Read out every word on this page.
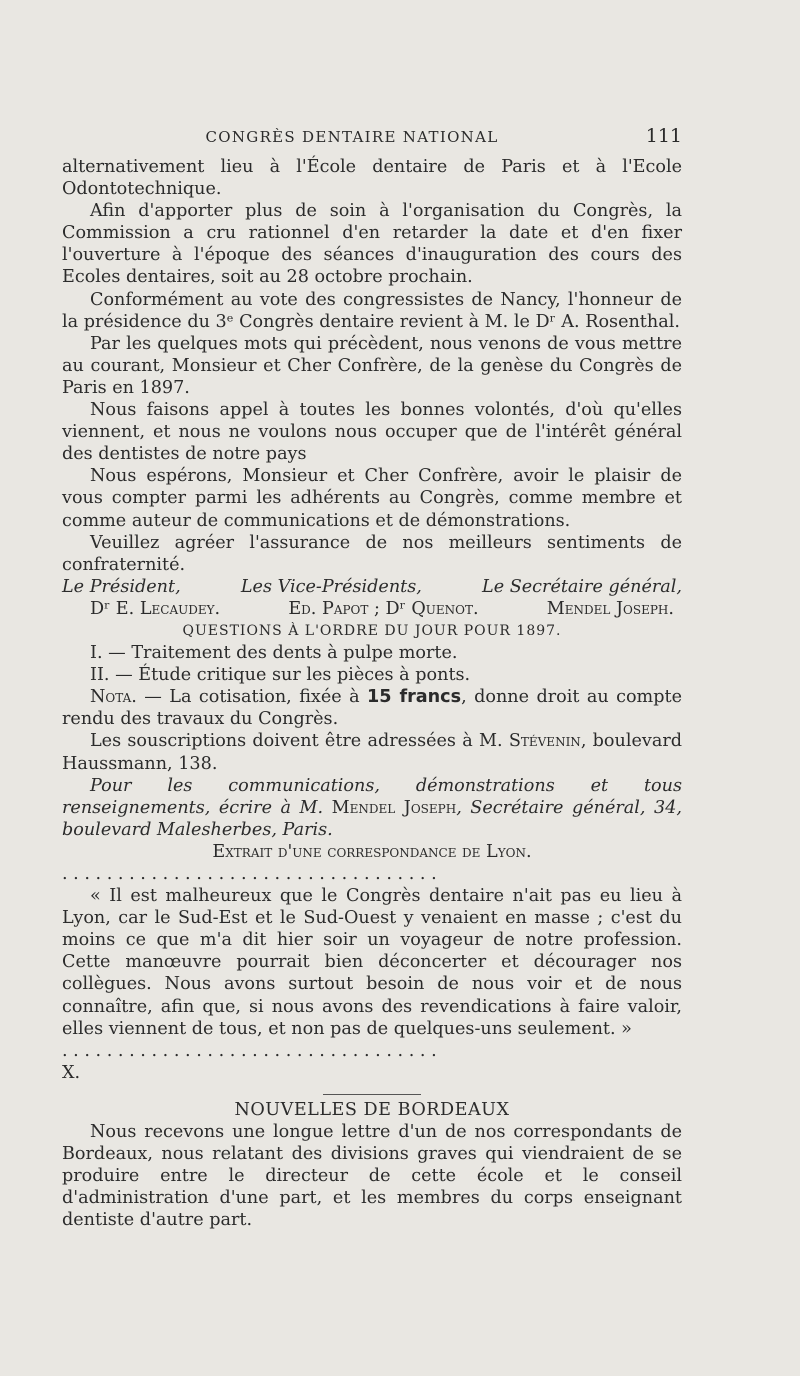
CONGRÈS DENTAIRE NATIONAL	111

alternativement lieu à l'École dentaire de Paris et à l'Ecole Odontotechnique.

Afin d'apporter plus de soin à l'organisation du Congrès, la Commission a cru rationnel d'en retarder la date et d'en fixer l'ouverture à l'époque des séances d'inauguration des cours des Ecoles dentaires, soit au 28 octobre prochain.

Conformément au vote des congressistes de Nancy, l'honneur de la présidence du 3ᵉ Congrès dentaire revient à M. le Dʳ A. Rosenthal.

Par les quelques mots qui précèdent, nous venons de vous mettre au courant, Monsieur et Cher Confrère, de la genèse du Congrès de Paris en 1897.

Nous faisons appel à toutes les bonnes volontés, d'où qu'elles viennent, et nous ne voulons nous occuper que de l'intérêt général des dentistes de notre pays

Nous espérons, Monsieur et Cher Confrère, avoir le plaisir de vous compter parmi les adhérents au Congrès, comme membre et comme auteur de communications et de démonstrations.

Veuillez agréer l'assurance de nos meilleurs sentiments de confraternité.

Le Président,	Les Vice-Présidents,	Le Secrétaire général,
Dʳ E. Lecaudey.	Ed. Papot ; Dʳ Quenot.	Mendel Joseph.

QUESTIONS À L'ORDRE DU JOUR POUR 1897.

I. — Traitement des dents à pulpe morte.

II. — Étude critique sur les pièces à ponts.

Nota. — La cotisation, fixée à 15 francs, donne droit au compte rendu des travaux du Congrès.

Les souscriptions doivent être adressées à M. Stévenin, boulevard Haussmann, 138.

Pour les communications, démonstrations et tous renseignements, écrire à M. Mendel Joseph, Secrétaire général, 34, boulevard Malesherbes, Paris.

Extrait d'une correspondance de Lyon.

. . . . . . . . . . . . . . . . . . . . . . . . . . . . . . . . . .

« Il est malheureux que le Congrès dentaire n'ait pas eu lieu à Lyon, car le Sud-Est et le Sud-Ouest y venaient en masse ; c'est du moins ce que m'a dit hier soir un voyageur de notre profession. Cette manœuvre pourrait bien déconcerter et décourager nos collègues. Nous avons surtout besoin de nous voir et de nous connaître, afin que, si nous avons des revendications à faire valoir, elles viennent de tous, et non pas de quelques-uns seulement. »

. . . . . . . . . . . . . . . . . . . . . . . . . . . . . . . . . .

X.

NOUVELLES DE BORDEAUX

Nous recevons une longue lettre d'un de nos correspondants de Bordeaux, nous relatant des divisions graves qui viendraient de se produire entre le directeur de cette école et le conseil d'administration d'une part, et les membres du corps enseignant dentiste d'autre part.
